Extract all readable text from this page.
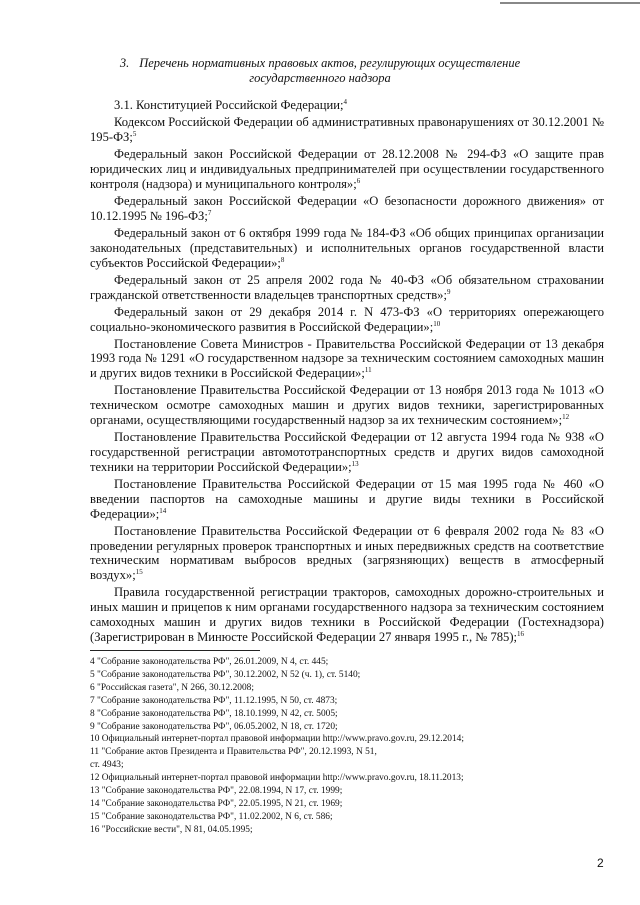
3. Перечень нормативных правовых актов, регулирующих осуществление государственного надзора

3.1. Конституцией Российской Федерации;$^4$

Кодексом Российской Федерации об административных правонарушениях от 30.12.2001 № 195-ФЗ;$^5$

Федеральный закон Российской Федерации от 28.12.2008 № 294-ФЗ «О защите прав юридических лиц и индивидуальных предпринимателей при осуществлении государственного контроля (надзора) и муниципального контроля»;$^6$

Федеральный закон Российской Федерации «О безопасности дорожного движения» от 10.12.1995 № 196-ФЗ;$^7$

Федеральный закон от 6 октября 1999 года № 184-ФЗ «Об общих принципах организации законодательных (представительных) и исполнительных органов государственной власти субъектов Российской Федерации»;$^8$

Федеральный закон от 25 апреля 2002 года № 40-ФЗ «Об обязательном страховании гражданской ответственности владельцев транспортных средств»;$^9$

Федеральный закон от 29 декабря 2014 г. N 473-ФЗ «О территориях опережающего социально-экономического развития в Российской Федерации»;$^{10}$

Постановление Совета Министров - Правительства Российской Федерации от 13 декабря 1993 года № 1291 «О государственном надзоре за техническим состоянием самоходных машин и других видов техники в Российской Федерации»;$^{11}$

Постановление Правительства Российской Федерации от 13 ноября 2013 года № 1013 «О техническом осмотре самоходных машин и других видов техники, зарегистрированных органами, осуществляющими государственный надзор за их техническим состоянием»;$^{12}$

Постановление Правительства Российской Федерации от 12 августа 1994 года № 938 «О государственной регистрации автомототранспортных средств и других видов самоходной техники на территории Российской Федерации»;$^{13}$

Постановление Правительства Российской Федерации от 15 мая 1995 года № 460 «О введении паспортов на самоходные машины и другие виды техники в Российской Федерации»;$^{14}$

Постановление Правительства Российской Федерации от 6 февраля 2002 года № 83 «О проведении регулярных проверок транспортных и иных передвижных средств на соответствие техническим нормативам выбросов вредных (загрязняющих) веществ в атмосферный воздух»;$^{15}$

Правила государственной регистрации тракторов, самоходных дорожно-строительных и иных машин и прицепов к ним органами государственного надзора за техническим состоянием самоходных машин и других видов техники в Российской Федерации (Гостехнадзора) (Зарегистрирован в Минюсте Российской Федерации 27 января 1995 г., № 785);$^{16}$

4 "Собрание законодательства РФ", 26.01.2009, N 4, ст. 445;
5 "Собрание законодательства РФ", 30.12.2002, N 52 (ч. 1), ст. 5140;
6 "Российская газета", N 266, 30.12.2008;
7 "Собрание законодательства РФ", 11.12.1995, N 50, ст. 4873;
8 "Собрание законодательства РФ", 18.10.1999, N 42, ст. 5005;
9 "Собрание законодательства РФ", 06.05.2002, N 18, ст. 1720;
10 Официальный интернет-портал правовой информации http://www.pravo.gov.ru, 29.12.2014;
11 "Собрание актов Президента и Правительства РФ", 20.12.1993, N 51,
ст. 4943;
12 Официальный интернет-портал правовой информации http://www.pravo.gov.ru, 18.11.2013;
13 "Собрание законодательства РФ", 22.08.1994, N 17, ст. 1999;
14 "Собрание законодательства РФ", 22.05.1995, N 21, ст. 1969;
15 "Собрание законодательства РФ", 11.02.2002, N 6, ст. 586;
16 "Российские вести", N 81, 04.05.1995;
2
